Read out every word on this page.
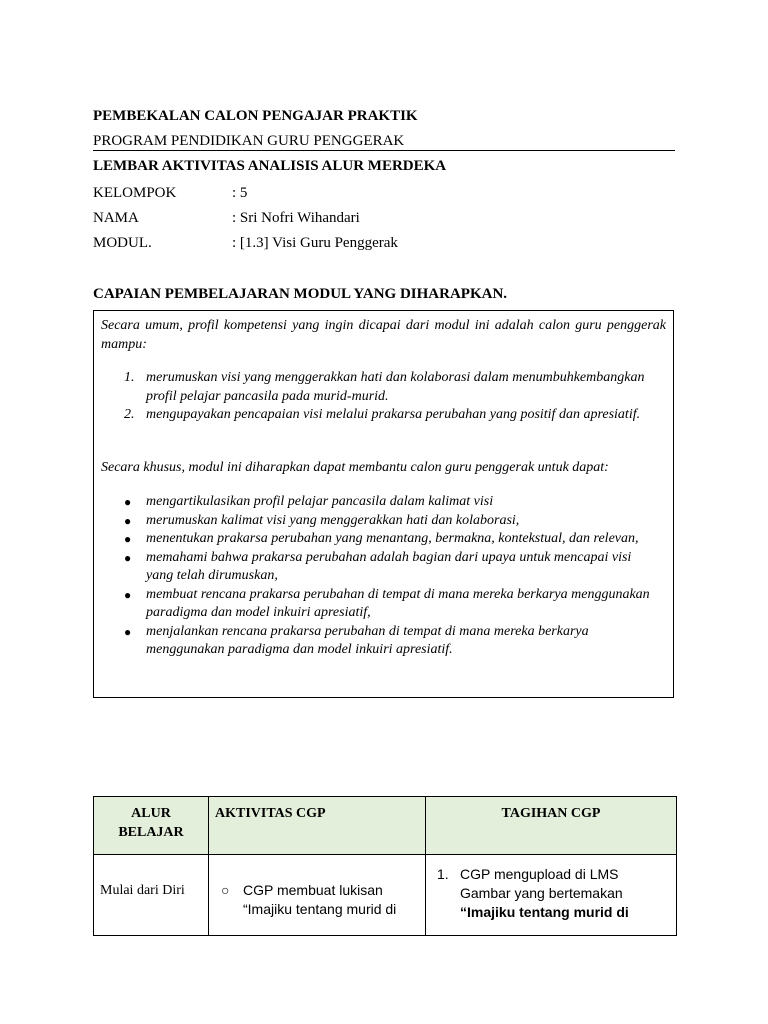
PEMBEKALAN CALON PENGAJAR PRAKTIK
PROGRAM PENDIDIKAN GURU PENGGERAK
LEMBAR AKTIVITAS ANALISIS ALUR MERDEKA
KELOMPOK	: 5
NAMA	: Sri Nofri Wihandari
MODUL.	: [1.3] Visi Guru Penggerak
CAPAIAN PEMBELAJARAN MODUL YANG DIHARAPKAN.
Secara umum, profil kompetensi yang ingin dicapai dari modul ini adalah calon guru penggerak mampu:
1. merumuskan visi yang menggerakkan hati dan kolaborasi dalam menumbuhkembangkan profil pelajar pancasila pada murid-murid.
2. mengupayakan pencapaian visi melalui prakarsa perubahan yang positif dan apresiatif.
Secara khusus, modul ini diharapkan dapat membantu calon guru penggerak untuk dapat:
● mengartikulasikan profil pelajar pancasila dalam kalimat visi
● merumuskan kalimat visi yang menggerakkan hati dan kolaborasi,
● menentukan prakarsa perubahan yang menantang, bermakna, kontekstual, dan relevan,
● memahami bahwa prakarsa perubahan adalah bagian dari upaya untuk mencapai visi yang telah dirumuskan,
● membuat rencana prakarsa perubahan di tempat di mana mereka berkarya menggunakan paradigma dan model inkuiri apresiatif,
● menjalankan rencana prakarsa perubahan di tempat di mana mereka berkarya menggunakan paradigma dan model inkuiri apresiatif.
ALUR BELAJAR	AKTIVITAS CGP	TAGIHAN CGP

Mulai dari Diri	○ CGP membuat lukisan “Imajiku tentang murid di	1. CGP mengupload di LMS Gambar yang bertemakan “Imajiku tentang murid di
